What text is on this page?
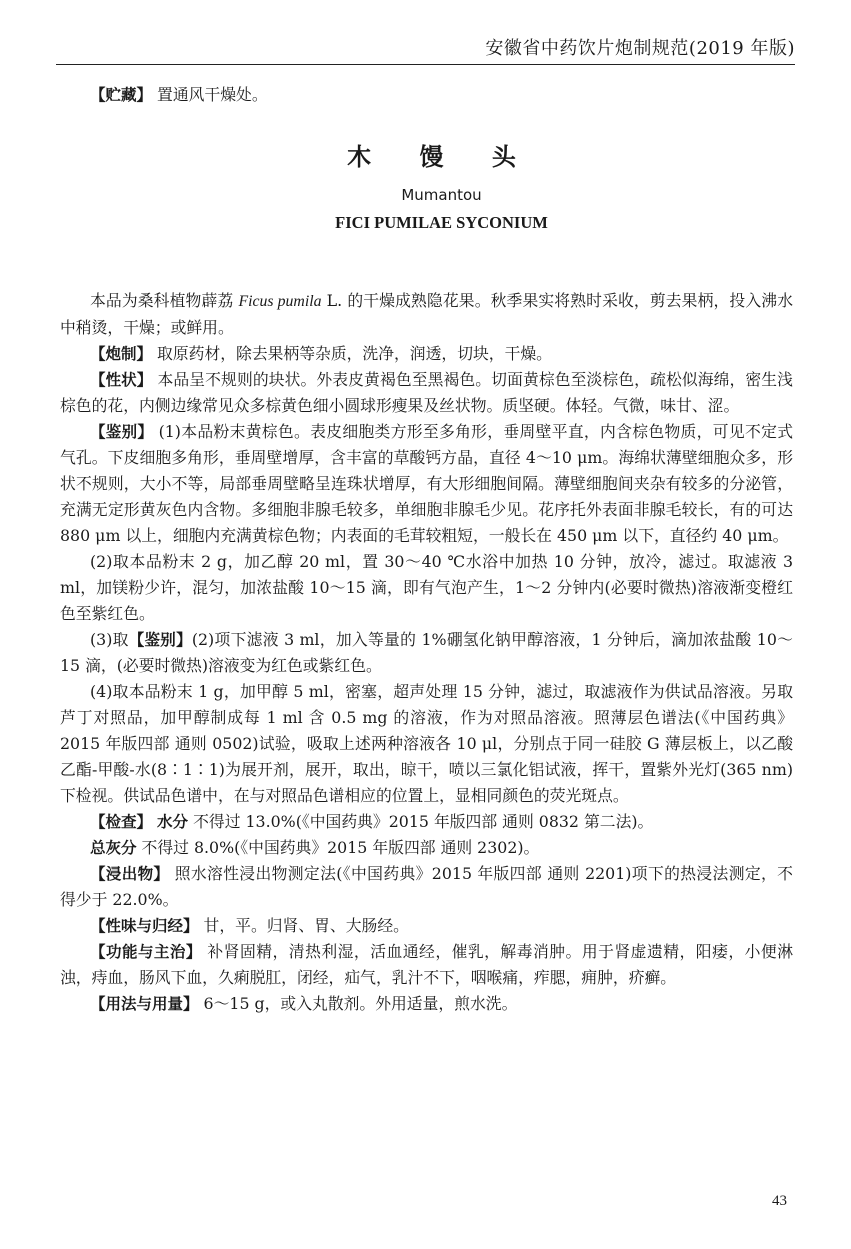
安徽省中药饮片炮制规范(2019 年版)

【贮藏】 置通风干燥处。

木 馒 头

Mumantou

FICI PUMILAE SYCONIUM

本品为桑科植物薜荔 Ficus pumila L. 的干燥成熟隐花果。秋季果实将熟时采收，剪去果柄，投入沸水中稍烫，干燥；或鲜用。

【炮制】 取原药材，除去果柄等杂质，洗净，润透，切块，干燥。

【性状】 本品呈不规则的块状。外表皮黄褐色至黑褐色。切面黄棕色至淡棕色，疏松似海绵，密生浅棕色的花，内侧边缘常见众多棕黄色细小圆球形瘦果及丝状物。质坚硬。体轻。气微，味甘、涩。

【鉴别】 (1)本品粉末黄棕色。表皮细胞类方形至多角形，垂周壁平直，内含棕色物质，可见不定式气孔。下皮细胞多角形，垂周壁增厚，含丰富的草酸钙方晶，直径 4～10 μm。海绵状薄壁细胞众多，形状不规则，大小不等，局部垂周壁略呈连珠状增厚，有大形细胞间隔。薄壁细胞间夹杂有较多的分泌管，充满无定形黄灰色内含物。多细胞非腺毛较多，单细胞非腺毛少见。花序托外表面非腺毛较长，有的可达 880 μm 以上，细胞内充满黄棕色物；内表面的毛茸较粗短，一般长在 450 μm 以下，直径约 40 μm。

(2)取本品粉末 2 g，加乙醇 20 ml，置 30～40 ℃水浴中加热 10 分钟，放冷，滤过。取滤液 3 ml，加镁粉少许，混匀，加浓盐酸 10～15 滴，即有气泡产生，1～2 分钟内(必要时微热)溶液渐变橙红色至紫红色。

(3)取【鉴别】(2)项下滤液 3 ml，加入等量的 1%硼氢化钠甲醇溶液，1 分钟后，滴加浓盐酸 10～15 滴，(必要时微热)溶液变为红色或紫红色。

(4)取本品粉末 1 g，加甲醇 5 ml，密塞，超声处理 15 分钟，滤过，取滤液作为供试品溶液。另取芦丁对照品，加甲醇制成每 1 ml 含 0.5 mg 的溶液，作为对照品溶液。照薄层色谱法(《中国药典》2015 年版四部 通则 0502)试验，吸取上述两种溶液各 10 μl，分别点于同一硅胶 G 薄层板上，以乙酸乙酯-甲酸-水(8∶1∶1)为展开剂，展开，取出，晾干，喷以三氯化铝试液，挥干，置紫外光灯(365 nm)下检视。供试品色谱中，在与对照品色谱相应的位置上，显相同颜色的荧光斑点。

【检查】 水分 不得过 13.0%(《中国药典》2015 年版四部 通则 0832 第二法)。

总灰分 不得过 8.0%(《中国药典》2015 年版四部 通则 2302)。

【浸出物】 照水溶性浸出物测定法(《中国药典》2015 年版四部 通则 2201)项下的热浸法测定，不得少于 22.0%。

【性味与归经】 甘，平。归肾、胃、大肠经。

【功能与主治】 补肾固精，清热利湿，活血通经，催乳，解毒消肿。用于肾虚遗精，阳痿，小便淋浊，痔血，肠风下血，久痢脱肛，闭经，疝气，乳汁不下，咽喉痛，痄腮，痈肿，疥癣。

【用法与用量】 6～15 g，或入丸散剂。外用适量，煎水洗。

43
